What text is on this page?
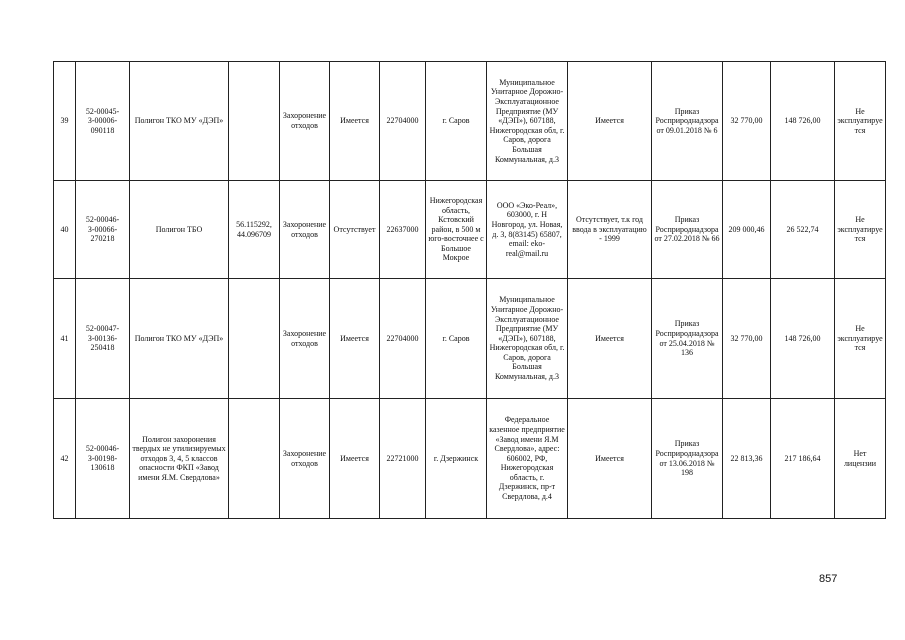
39	52-00045-З-00006-090118	Полигон ТКО МУ «ДЭП»		Захоронение отходов	Имеется	22704000	г. Саров	Муниципальное Унитарное Дорожно-Эксплуатационное Предприятие (МУ «ДЭП»), 607188, Нижегородская обл, г. Саров, дорога Большая Коммунальная, д.3	Имеется	Приказ Росприроднадзора от 09.01.2018 № 6	32 770,00	148 726,00	Не эксплуатируется
40	52-00046-З-00066-270218	Полигон ТБО	56.115292, 44.096709	Захоронение отходов	Отсутствует	22637000	Нижегородская область, Кстовский район, в 500 м юго-восточнее с Большое Мокрое	ООО «Эко-Реал», 603000, г. Н Новгород, ул. Новая, д. 3, 8(83145) 65807, email: eko-real@mail.ru	Отсутствует, т.к год ввода в эксплуатацию - 1999	Приказ Росприроднадзора от 27.02.2018 № 66	209 000,46	26 522,74	Не эксплуатируется
41	52-00047-З-00136-250418	Полигон ТКО МУ «ДЭП»		Захоронение отходов	Имеется	22704000	г. Саров	Муниципальное Унитарное Дорожно-Эксплуатационное Предприятие (МУ «ДЭП»), 607188, Нижегородская обл, г. Саров, дорога Большая Коммунальная, д.3	Имеется	Приказ Росприроднадзора от 25.04.2018 № 136	32 770,00	148 726,00	Не эксплуатируется
42	52-00046-З-00198-130618	Полигон захоронения твердых не утилизируемых отходов 3, 4, 5 классов опасности ФКП «Завод имени Я.М. Свердлова»		Захоронение отходов	Имеется	22721000	г. Дзержинск	Федеральное казенное предприятие «Завод имени Я.М Свердлова», адрес: 606002, РФ, Нижегородская область, г. Дзержинск, пр-т Свердлова, д.4	Имеется	Приказ Росприроднадзора от 13.06.2018 № 198	22 813,36	217 186,64	Нет лицензии
857
